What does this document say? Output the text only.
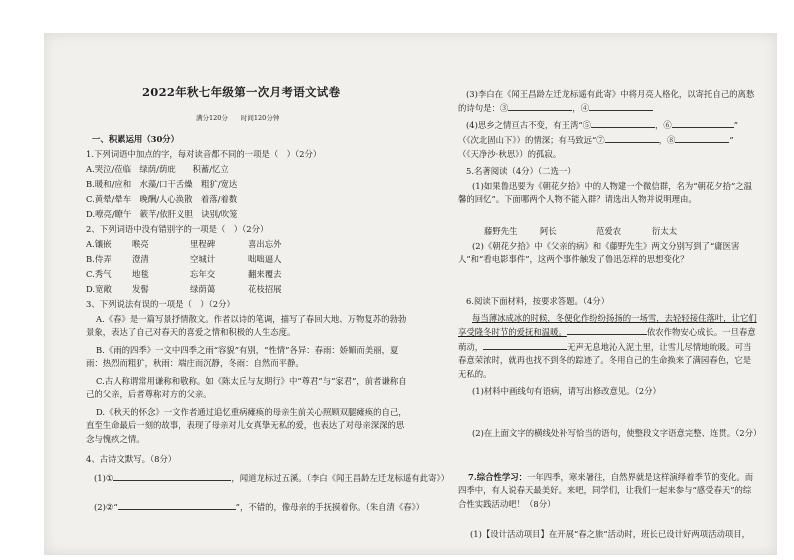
2022年秋七年级第一次月考语文试卷
满分120分　　时间120分钟
一、积累运用（30分）
1.下列词语中加点的字，每对读音都不同的一项是（　）（2分）
A.哭泣/莅临　绿荫/荫庇　　积蓄/忆立
B.暖和/应和　水藻/口干舌燥　粗犷/宽达
C.黄晕/晕车　晚酬/人心涣散　着落/着数
D.嘹亮/瞭午　簌芊/依肝义胆　诀别/吹笼
2、下列词语中没有错别字的一项是（　）（2分）
A.镶嵌 喉亮	里程碑	喜出忘外
B.侍弄 澄清	空城计	咄咄逼人
C.秀气 地毯	忘年交	翻来覆去
D.宽敞 发髻	绿荫蔼	花枝招展
3、下列说法有误的一项是（　）（2分）
A.《春》是一篇写景抒情散文。作者以诗的笔调，描写了春回大地、万物复苏的勃勃景象，表达了自己对春天的喜爱之情和积极的人生态度。
B.《雨的四季》一文中四季之雨“容貌”有别，“性情”各异：春雨：娇媚而美丽，夏雨：热烈而粗犷，秋雨：端庄而沉静，冬雨：自然而平静。
C.古人称谓常用谦称和敬称。如《陈太丘与友期行》中“尊君”与“家君”，前者谦称自己的父亲，后者尊称对方的父亲。
D.《秋天的怀念》一文作者通过追忆重病瘫痪的母亲生前关心照顾双腿瘫痪的自己，直至生命最后一刻的故事，表现了母亲对儿女真挚无私的爱，也表达了对母亲深深的思念与愧疚之情。
4、古诗文默写。（8分）
(1)①	，闻道龙标过五溪。（李白《闻王昌龄左迁龙标遥有此寄》）
(2)②“	”，不错的，像母亲的手抚摸着你。（朱自清《春》）
(3)李白在《闻王昌龄左迁龙标遥有此寄》中将月亮人格化，以寄托自己的离愁的诗句是：③	，④
(4)思乡之情亘古不变，有王湾“⑤	，⑥	”
（《次北固山下》）的情深；有马致远“⑦	，⑧	”
（《天净沙·秋思》）的孤寂。
5.名著阅读（4分）（二选一）
(1)如果鲁迅要为《朝花夕拾》中的人物建一个微信群，名为“朝花夕拾”之温馨的回忆”。下面哪两个人物不能入群？请选出人物并说明理由。
藤野先生	阿长	范爱农	衍太太
(2)《朝花夕拾》中《父亲的病》和《藤野先生》两文分别写到了“庸医害人”和“看电影事件”，这两个事件触发了鲁迅怎样的思想变化？
6.阅读下面材料，按要求答题。（4分）
每当薄冰成冰的时候，冬便化作纷纷扬扬的一场雪，去轻轻接住落叶，让它们享受隆冬时节的爱抚和温暖。	依农作物安心成长。一旦春意萌动，	无声无息地沁入泥土里，让雪儿尽情地吮吸。可当春意荣浓时，就再也找不到冬的踪迹了。冬用自己的生命换来了满园春色，它是无私的。
(1)材料中画线句有语病，请写出修改意见。（2分）
(2)在上面文字的横线处补写恰当的语句，使整段文字语意完整、连贯。（2分）
7.综合性学习：一年四季，寒来暑往，自然界就是这样演绎着季节的变化。而四季中，有人说春天最美好。来吧，同学们，让我们一起来参与“感受春天”的综合性实践活动吧！（8分）
(1)【设计活动项目】在开展“春之旅”活动时，班长已设计好两项活动项目，
